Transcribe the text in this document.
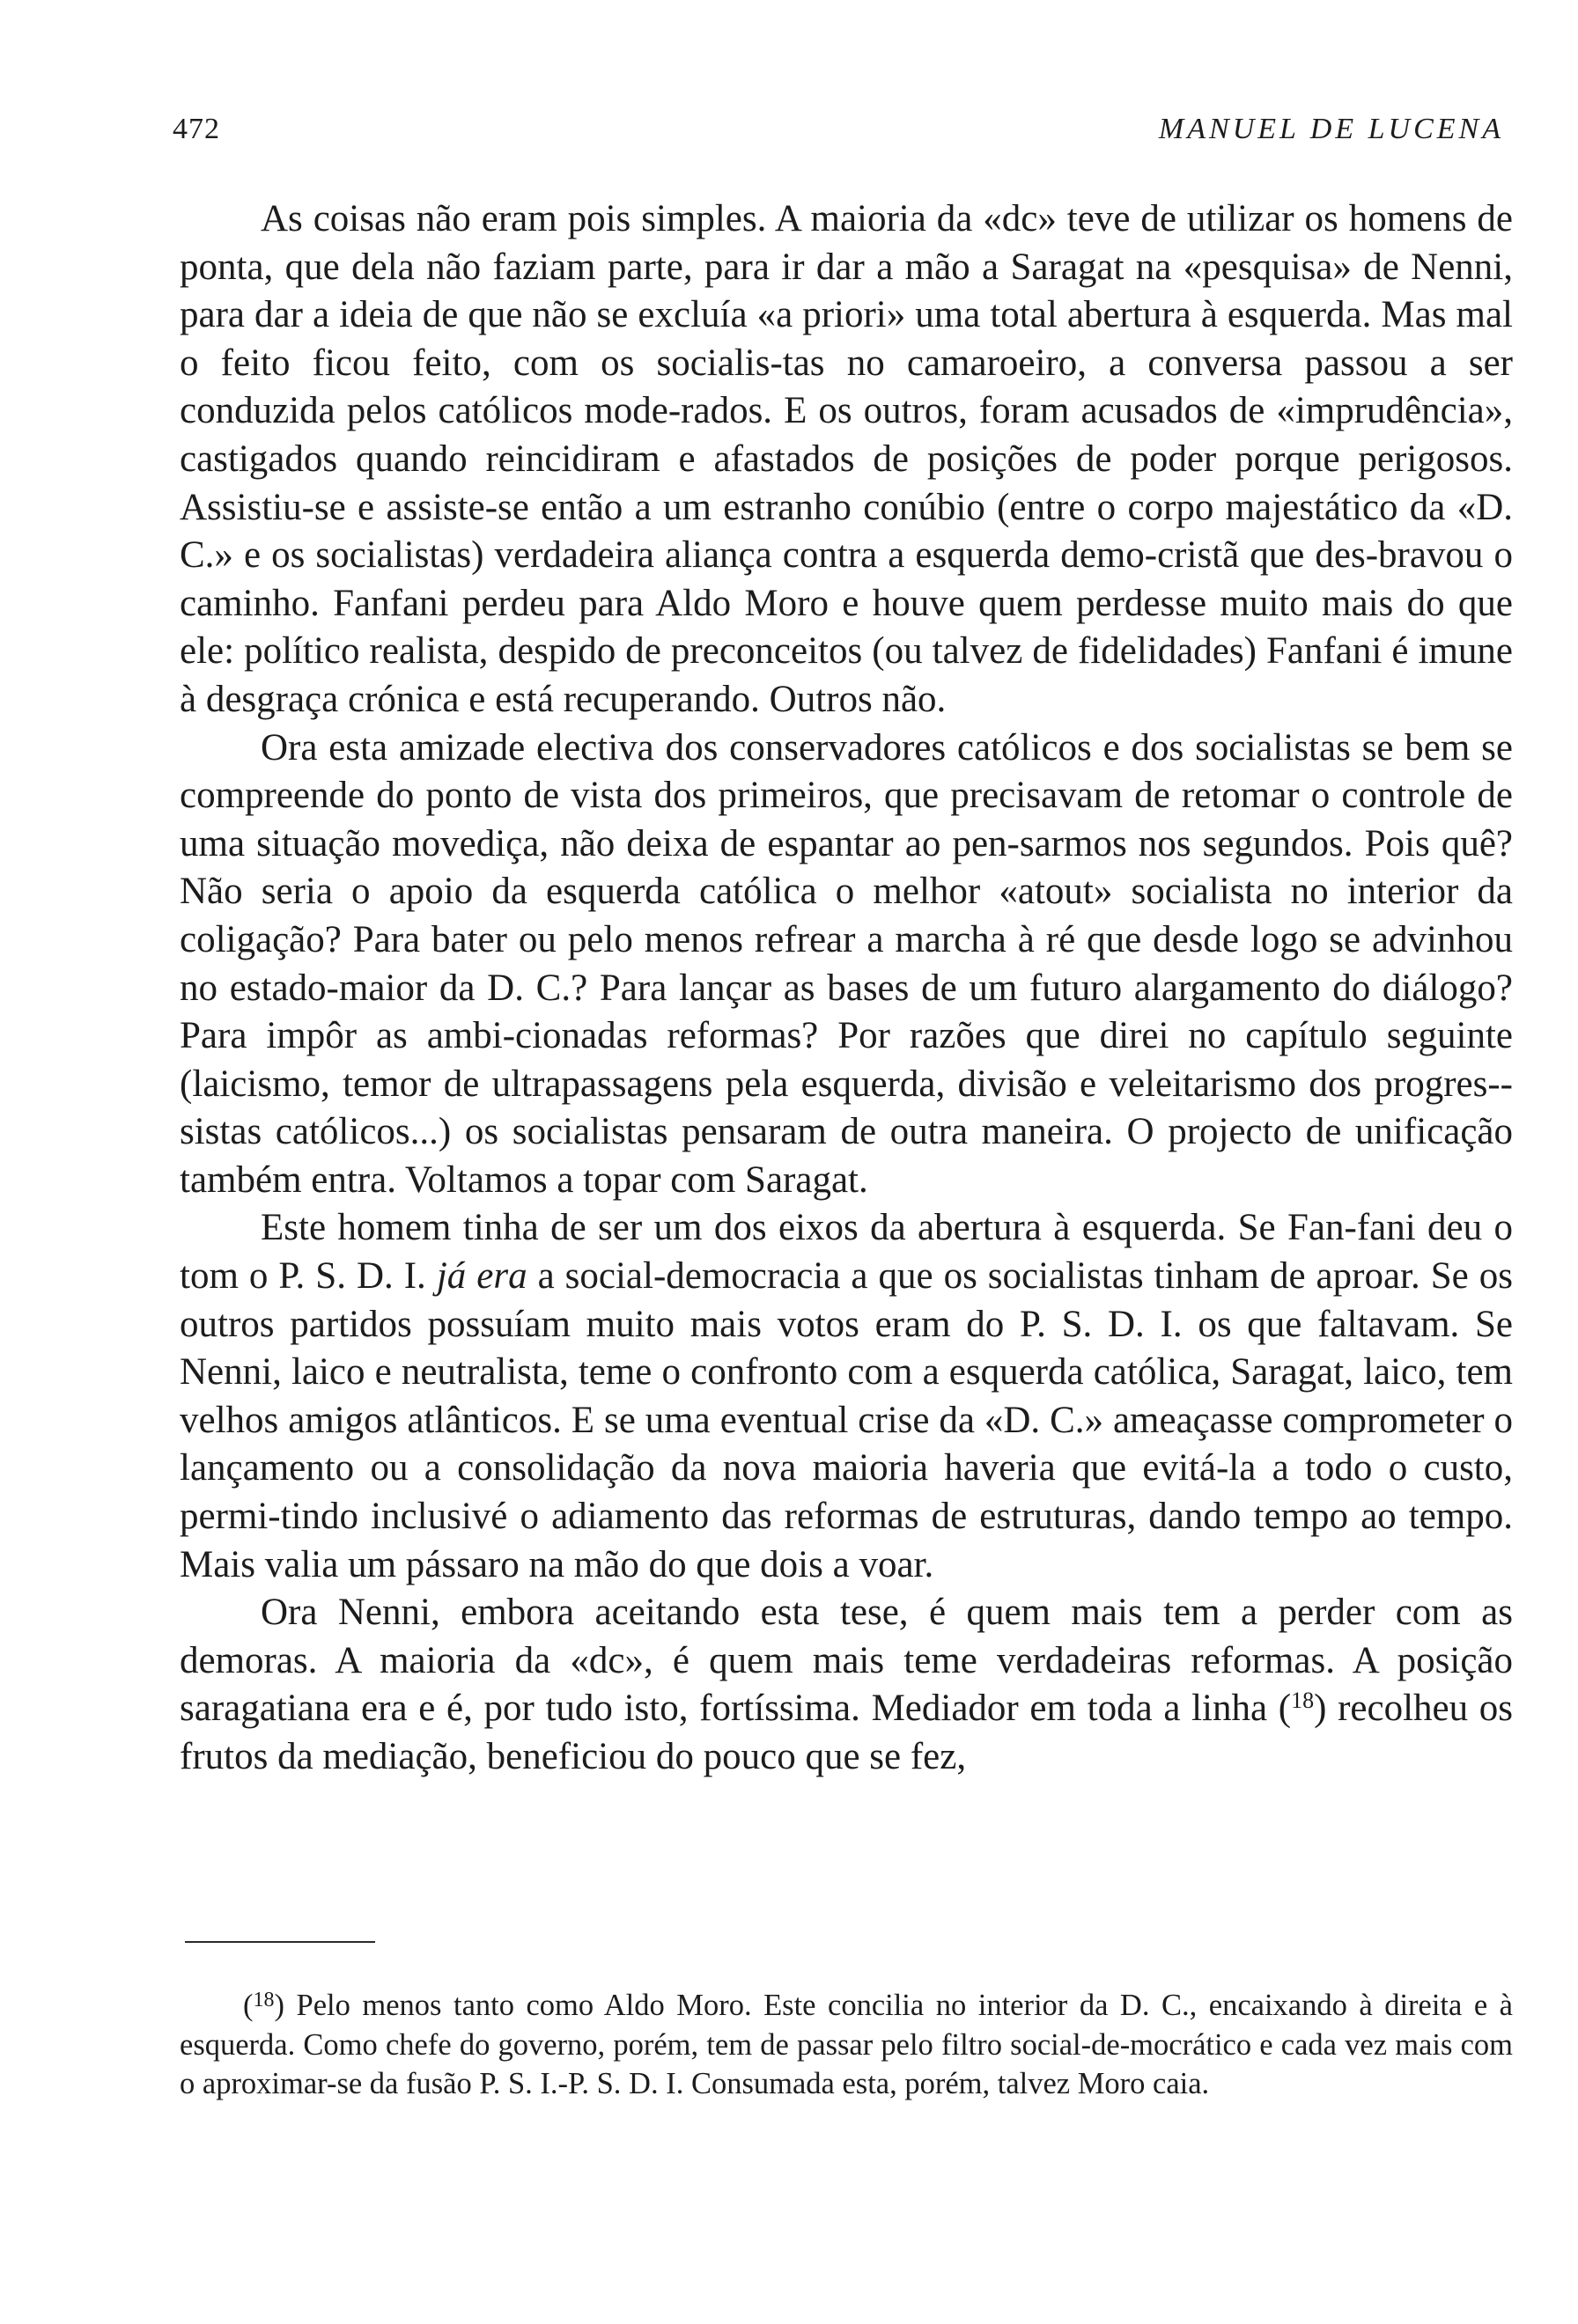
472	MANUEL DE LUCENA

As coisas não eram pois simples. A maioria da «dc» teve de utilizar os homens de ponta, que dela não faziam parte, para ir dar a mão a Saragat na «pesquisa» de Nenni, para dar a ideia de que não se excluía «a priori» uma total abertura à esquerda. Mas mal o feito ficou feito, com os socialis-tas no camaroeiro, a conversa passou a ser conduzida pelos católicos mode-rados. E os outros, foram acusados de «imprudência», castigados quando reincidiram e afastados de posições de poder porque perigosos. Assistiu-se e assiste-se então a um estranho conúbio (entre o corpo majestático da «D. C.» e os socialistas) verdadeira aliança contra a esquerda demo-cristã que des-bravou o caminho. Fanfani perdeu para Aldo Moro e houve quem perdesse muito mais do que ele: político realista, despido de preconceitos (ou talvez de fidelidades) Fanfani é imune à desgraça crónica e está recuperando. Outros não.

Ora esta amizade electiva dos conservadores católicos e dos socialistas se bem se compreende do ponto de vista dos primeiros, que precisavam de retomar o controle de uma situação movediça, não deixa de espantar ao pen-sarmos nos segundos. Pois quê? Não seria o apoio da esquerda católica o melhor «atout» socialista no interior da coligação? Para bater ou pelo menos refrear a marcha à ré que desde logo se advinhou no estado-maior da D. C.? Para lançar as bases de um futuro alargamento do diálogo? Para impôr as ambi-cionadas reformas? Por razões que direi no capítulo seguinte (laicismo, temor de ultrapassagens pela esquerda, divisão e veleitarismo dos progres-sistas católicos...) os socialistas pensaram de outra maneira. O projecto de unificação também entra. Voltamos a topar com Saragat.

Este homem tinha de ser um dos eixos da abertura à esquerda. Se Fan-fani deu o tom o P. S. D. I. já era a social-democracia a que os socialistas tinham de aproar. Se os outros partidos possuíam muito mais votos eram do P. S. D. I. os que faltavam. Se Nenni, laico e neutralista, teme o confronto com a esquerda católica, Saragat, laico, tem velhos amigos atlânticos. E se uma eventual crise da «D. C.» ameaçasse comprometer o lançamento ou a consolidação da nova maioria haveria que evitá-la a todo o custo, permi-tindo inclusivé o adiamento das reformas de estruturas, dando tempo ao tempo. Mais valia um pássaro na mão do que dois a voar.

Ora Nenni, embora aceitando esta tese, é quem mais tem a perder com as demoras. A maioria da «dc», é quem mais teme verdadeiras reformas. A posição saragatiana era e é, por tudo isto, fortíssima. Mediador em toda a linha ($^{18}$) recolheu os frutos da mediação, beneficiou do pouco que se fez,

($^{18}$) Pelo menos tanto como Aldo Moro. Este concilia no interior da D. C., encaixando à direita e à esquerda. Como chefe do governo, porém, tem de passar pelo filtro social-de-mocrático e cada vez mais com o aproximar-se da fusão P. S. I.-P. S. D. I. Consumada esta, porém, talvez Moro caia.
